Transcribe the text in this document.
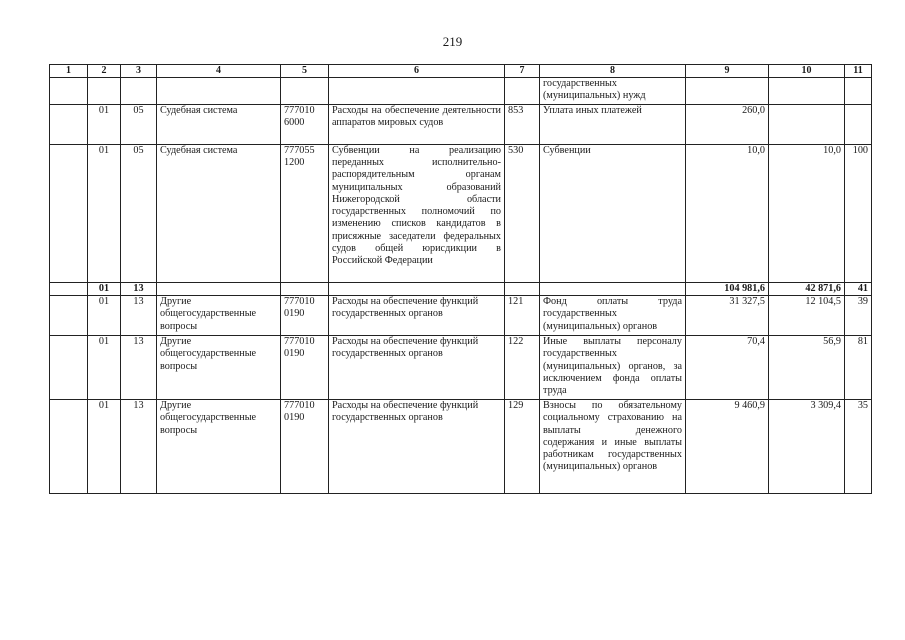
219
1	2	3	4	5	6	7	8	9	10	11
							государственных (муниципальных) нужд			
	01	05	Судебная система	777010 6000	Расходы на обеспечение деятельности аппаратов мировых судов	853	Уплата иных платежей	260,0		
	01	05	Судебная система	777055 1200	Субвенции на реализацию переданных исполнительно-распорядительным органам муниципальных образований Нижегородской области государственных полномочий по изменению списков кандидатов в присяжные заседатели федеральных судов общей юрисдикции в Российской Федерации	530	Субвенции	10,0	10,0	100
	01	13						104 981,6	42 871,6	41
	01	13	Другие общегосударственные вопросы	777010 0190	Расходы на обеспечение функций государственных органов	121	Фонд оплаты труда государственных (муниципальных) органов	31 327,5	12 104,5	39
	01	13	Другие общегосударственные вопросы	777010 0190	Расходы на обеспечение функций государственных органов	122	Иные выплаты персоналу государственных (муниципальных) органов, за исключением фонда оплаты труда	70,4	56,9	81
	01	13	Другие общегосударственные вопросы	777010 0190	Расходы на обеспечение функций государственных органов	129	Взносы по обязательному социальному страхованию на выплаты денежного содержания и иные выплаты работникам государственных (муниципальных) органов	9 460,9	3 309,4	35
